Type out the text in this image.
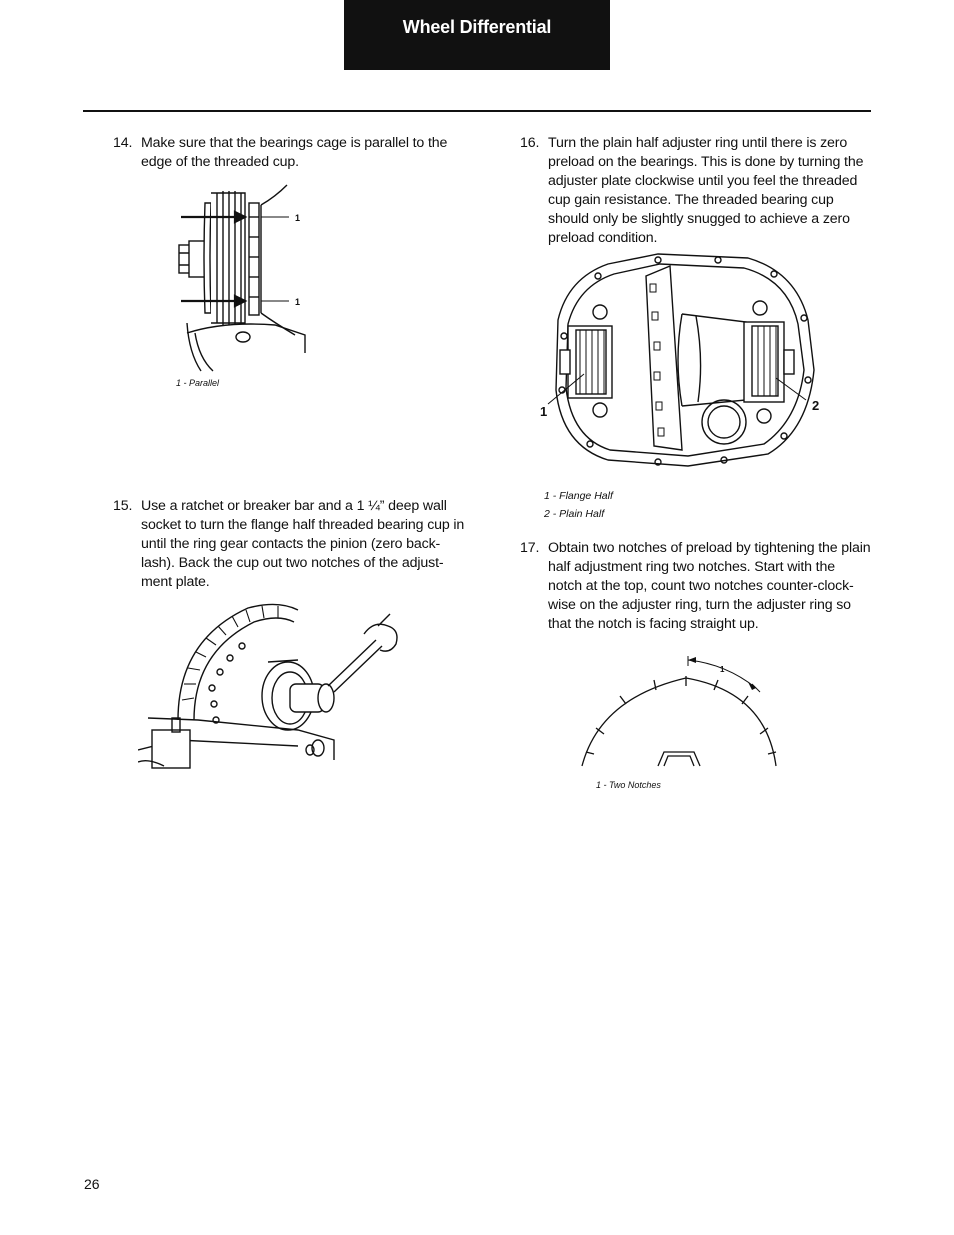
Wheel Differential
14. Make sure that the bearings cage is parallel to the
edge of the threaded cup.
1
1
1 - Parallel
15. Use a ratchet or breaker bar and a 1 ¼” deep wall
socket to turn the flange half threaded bearing cup in
until the ring gear contacts the pinion (zero back-
lash). Back the cup out two notches of the adjust-
ment plate.
16. Turn the plain half adjuster ring until there is zero
preload on the bearings. This is done by turning the
adjuster plate clockwise until you feel the threaded
cup gain resistance. The threaded bearing cup
should only be slightly snugged to achieve a zero
preload condition.
1	2
1 - Flange Half
2 - Plain Half
17. Obtain two notches of preload by tightening the plain
half adjustment ring two notches. Start with the
notch at the top, count two notches counter-clock-
wise on the adjuster ring, turn the adjuster ring so
that the notch is facing straight up.
1
1 - Two Notches
26
